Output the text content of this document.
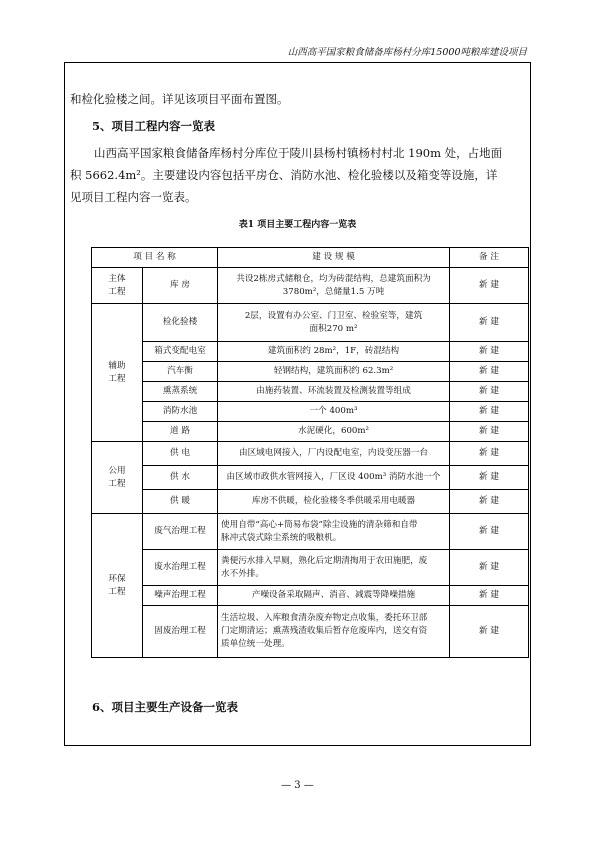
山西高平国家粮食储备库杨村分库15000吨粮库建设项目
和检化验楼之间。详见该项目平面布置图。
5、项目工程内容一览表
山西高平国家粮食储备库杨村分库位于陵川县杨村镇杨村村北 190m 处，占地面
积 5662.4m²。主要建设内容包括平房仓、消防水池、检化验楼以及箱变等设施，详
见项目工程内容一览表。
表1 项目主要工程内容一览表
项 目 名 称		建 设 规 模	备 注
主体
工程	库 房	共设2栋房式储粮仓，均为砖混结构，总建筑面积为
3780m²，总储量1.5 万吨	新 建
辅助
工程	检化验楼	2层，设置有办公室、门卫室、检验室等，建筑
面积270 m²	新 建
	箱式变配电室	建筑面积约 28m²，1F，砖混结构	新 建
	汽车衡	轻钢结构，建筑面积约 62.3m²	新 建
	熏蒸系统	由施药装置、环流装置及检测装置等组成	新 建
	消防水池	一个 400m³	新 建
	道 路	水泥硬化，600m²	新 建
公用
工程	供 电	由区域电网接入，厂内设配电室，内设变压器一台	新 建
	供 水	由区域市政供水管网接入，厂区设 400m³ 消防水池一个	新 建
	供 暖	库房不供暖，检化验楼冬季供暖采用电暖器	新 建
环保
工程	废气治理工程	使用自带“高心+筒易布袋”除尘设施的清杂筛和自带
脉冲式袋式除尘系统的吸粮机。	新 建
	废水治理工程	粪便污水排入旱厕，熟化后定期清掏用于农田施肥，废
水不外排。	新 建
	噪声治理工程	产噪设备采取隔声、消音、减震等降噪措施	新 建
	固废治理工程	生活垃圾、入库粮食清杂废弃物定点收集，委托环卫部
门定期清运；熏蒸残渣收集后暂存危废库内，送交有资
质单位统一处理。	新 建
6、项目主要生产设备一览表
— 3 —
